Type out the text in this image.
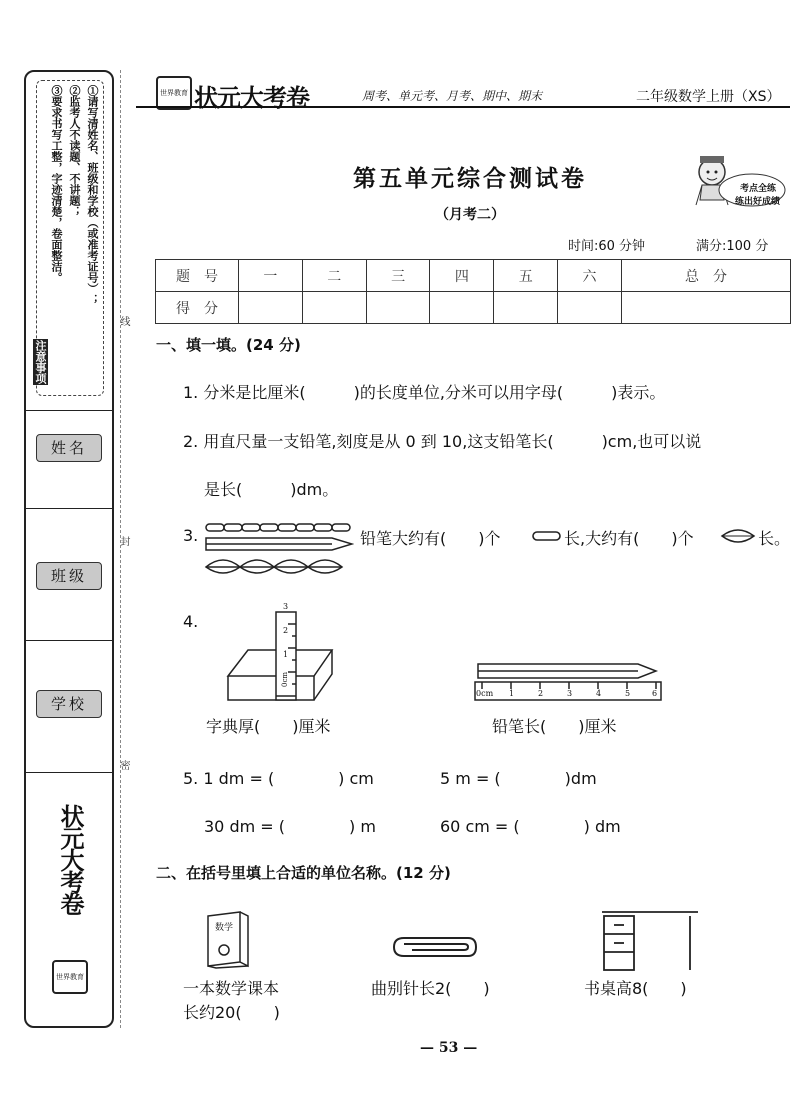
①请写清姓名、班级和学校（或准考证号）；
②监考人不读题、不讲题；
③要求书写工整，字迹清楚，卷面整洁。
注意事项
姓名
班级
学校
状元大考卷
世界教育
线
封
密
世界教育 状元大考卷	周考、单元考、月考、期中、期末	二年级数学上册（XS）
第五单元综合测试卷
（月考二）
考点全练
练出好成绩
时间:60 分钟	满分:100 分
题　号	一	二	三	四	五	六	总　分
得　分							
一、填一填。(24 分)
1. 分米是比厘米(　　　)的长度单位,分米可以用字母(　　　)表示。
2. 用直尺量一支铅笔,刻度是从 0 到 10,这支铅笔长(　　　)cm,也可以说
是长(　　　)dm。
3.	铅笔大约有(　　)个	长,大约有(　　)个	长。
4.
0cm
1
2
3
0cm 1	2	3	4	5	6
字典厚(　　)厘米	铅笔长(　　)厘米
5. 1 dm = (　　　　) cm	5 m = (　　　　)dm
30 dm = (　　　　) m	60 cm = (　　　　) dm
二、在括号里填上合适的单位名称。(12 分)
数学
一本数学课本
长约20(　　)
曲别针长2(　　)	书桌高8(　　)
— 53 —
